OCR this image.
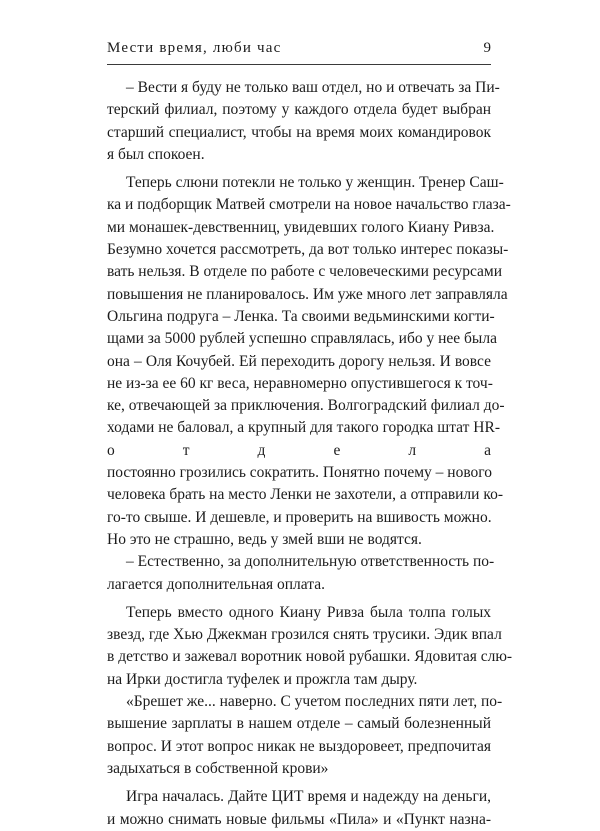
Мести время, люби час	9

– Вести я буду не только ваш отдел, но и отвечать за Пи-
терский филиал, поэтому у каждого отдела будет выбран
старший специалист, чтобы на время моих командировок
я был спокоен.

Теперь слюни потекли не только у женщин. Тренер Саш-
ка и подборщик Матвей смотрели на новое начальство глаза-
ми монашек-девственниц, увидевших голого Киану Ривза.
Безумно хочется рассмотреть, да вот только интерес показы-
вать нельзя. В отделе по работе с человеческими ресурсами
повышения не планировалось. Им уже много лет заправляла
Ольгина подруга – Ленка. Та своими ведьминскими когти-
щами за 5000 рублей успешно справлялась, ибо у нее была
она – Оля Кочубей. Ей переходить дорогу нельзя. И вовсе
не из-за ее 60 кг веса, неравномерно опустившегося к точ-
ке, отвечающей за приключения. Волгоградский филиал до-
ходами не баловал, а крупный для такого городка штат HR-
о т д е л а
постоянно грозились сократить. Понятно почему – нового
человека брать на место Ленки не захотели, а отправили ко-
го-то свыше. И дешевле, и проверить на вшивость можно.
Но это не страшно, ведь у змей вши не водятся.

– Естественно, за дополнительную ответственность по-
лагается дополнительная оплата.

Теперь вместо одного Киану Ривза была толпа голых
звезд, где Хью Джекман грозился снять трусики. Эдик впал
в детство и зажевал воротник новой рубашки. Ядовитая слю-
на Ирки достигла туфелек и прожгла там дыру.

«Брешет же... наверно. С учетом последних пяти лет, по-
вышение зарплаты в нашем отделе – самый болезненный
вопрос. И этот вопрос никак не выздоровеет, предпочитая
задыхаться в собственной крови»

Игра началась. Дайте ЦИТ время и надежду на деньги,
и можно снимать новые фильмы «Пила» и «Пункт назна-
